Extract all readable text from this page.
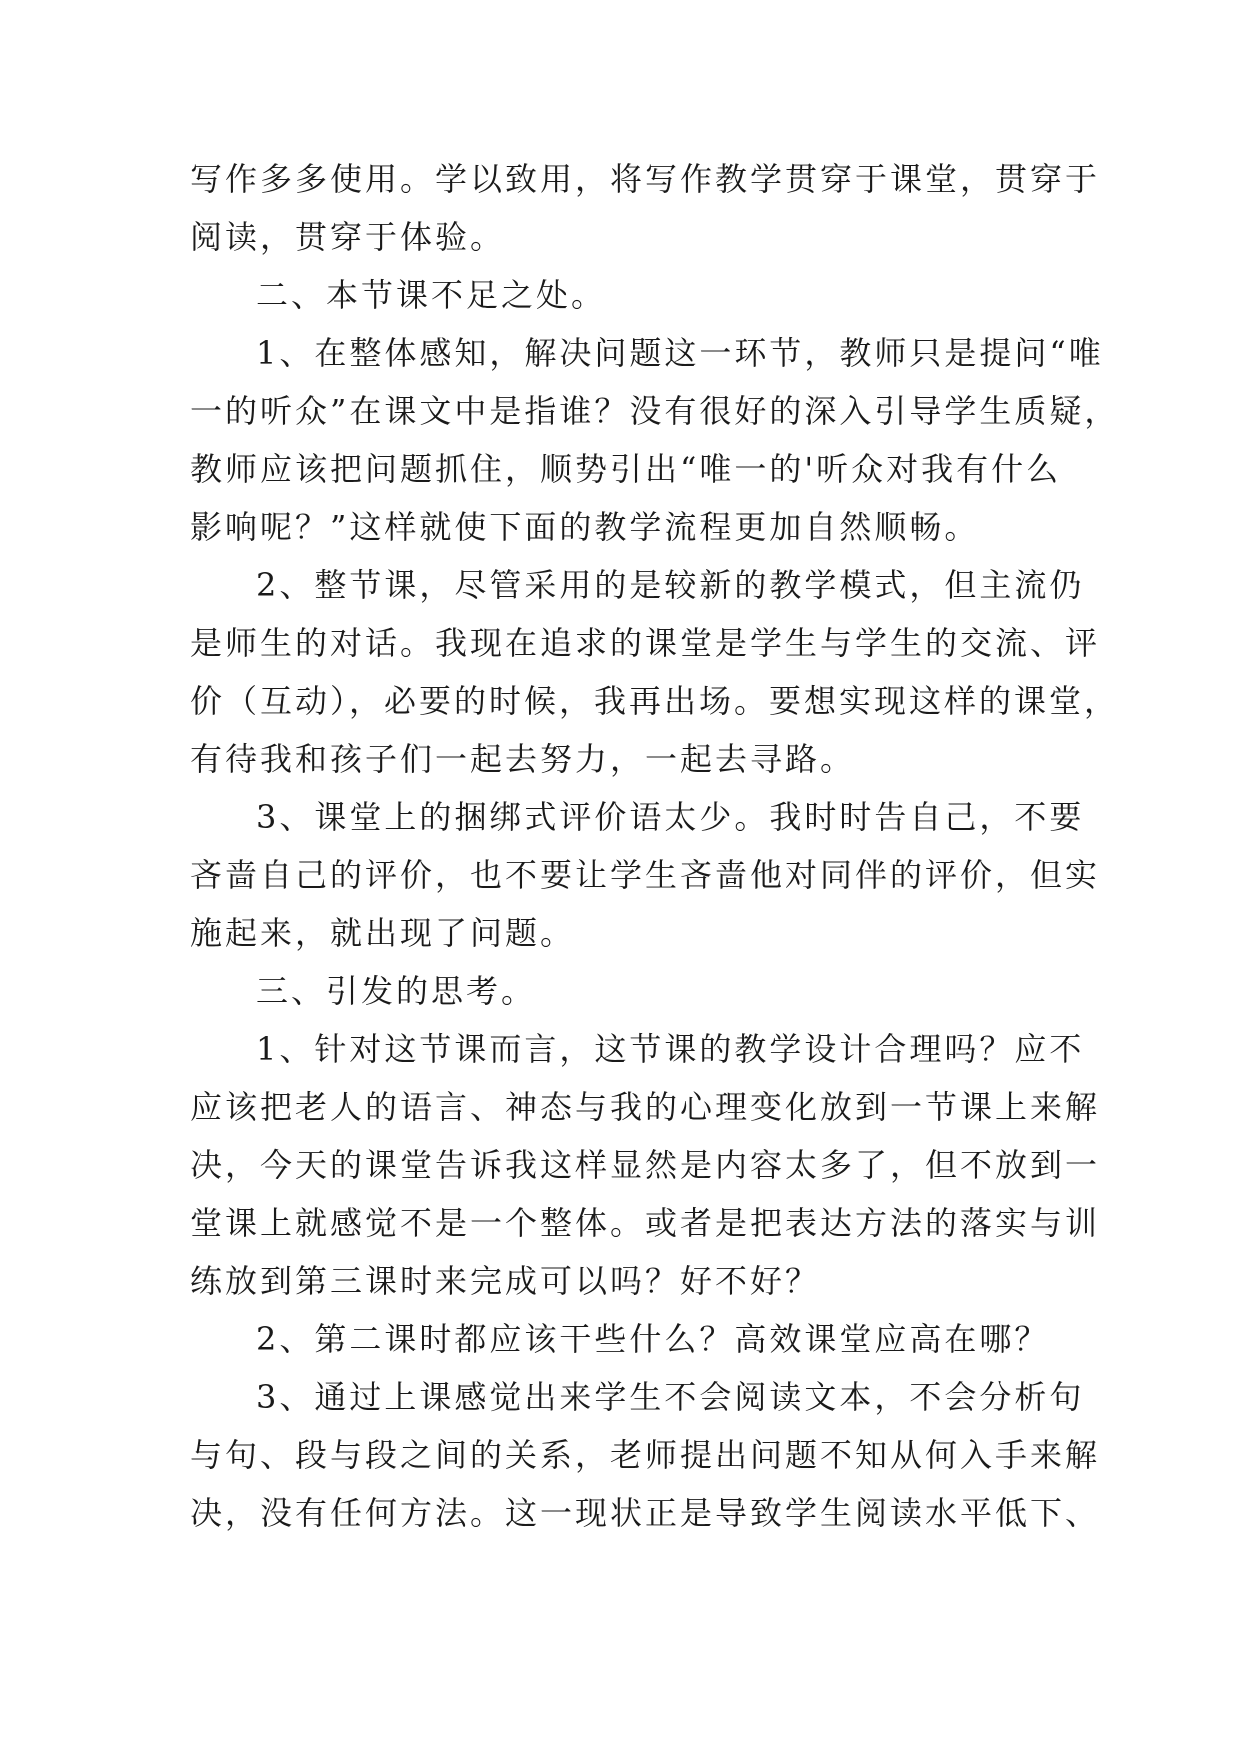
写作多多使用。学以致用，将写作教学贯穿于课堂，贯穿于
阅读，贯穿于体验。
二、本节课不足之处。
1、在整体感知，解决问题这一环节，教师只是提问“唯
一的听众”在课文中是指谁？没有很好的深入引导学生质疑，
教师应该把问题抓住，顺势引出“唯一的'听众对我有什么
影响呢？”这样就使下面的教学流程更加自然顺畅。
2、整节课，尽管采用的是较新的教学模式，但主流仍
是师生的对话。我现在追求的课堂是学生与学生的交流、评
价（互动），必要的时候，我再出场。要想实现这样的课堂，
有待我和孩子们一起去努力，一起去寻路。
3、课堂上的捆绑式评价语太少。我时时告自己，不要
吝啬自己的评价，也不要让学生吝啬他对同伴的评价，但实
施起来，就出现了问题。
三、引发的思考。
1、针对这节课而言，这节课的教学设计合理吗？应不
应该把老人的语言、神态与我的心理变化放到一节课上来解
决，今天的课堂告诉我这样显然是内容太多了，但不放到一
堂课上就感觉不是一个整体。或者是把表达方法的落实与训
练放到第三课时来完成可以吗？好不好？
2、第二课时都应该干些什么？高效课堂应高在哪？
3、通过上课感觉出来学生不会阅读文本，不会分析句
与句、段与段之间的关系，老师提出问题不知从何入手来解
决，没有任何方法。这一现状正是导致学生阅读水平低下、
